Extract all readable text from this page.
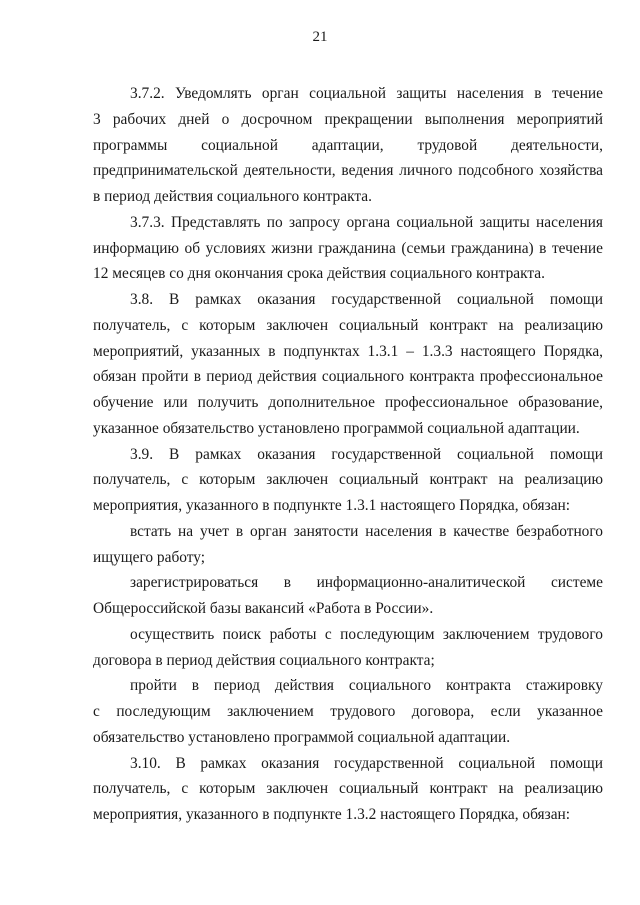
21
3.7.2. Уведомлять орган социальной защиты населения в течение
3 рабочих дней о досрочном прекращении выполнения мероприятий
программы социальной адаптации, трудовой деятельности,
предпринимательской деятельности, ведения личного подсобного хозяйства
в период действия социального контракта.
3.7.3. Представлять по запросу органа социальной защиты населения
информацию об условиях жизни гражданина (семьи гражданина) в течение
12 месяцев со дня окончания срока действия социального контракта.
3.8. В рамках оказания государственной социальной помощи
получатель, с которым заключен социальный контракт на реализацию
мероприятий, указанных в подпунктах 1.3.1 – 1.3.3 настоящего Порядка,
обязан пройти в период действия социального контракта профессиональное
обучение или получить дополнительное профессиональное образование,
указанное обязательство установлено программой социальной адаптации.
3.9. В рамках оказания государственной социальной помощи
получатель, с которым заключен социальный контракт на реализацию
мероприятия, указанного в подпункте 1.3.1 настоящего Порядка, обязан:
встать на учет в орган занятости населения в качестве безработного
ищущего работу;
зарегистрироваться в информационно-аналитической системе
Общероссийской базы вакансий «Работа в России».
осуществить поиск работы с последующим заключением трудового
договора в период действия социального контракта;
пройти в период действия социального контракта стажировку
с последующим заключением трудового договора, если указанное
обязательство установлено программой социальной адаптации.
3.10. В рамках оказания государственной социальной помощи
получатель, с которым заключен социальный контракт на реализацию
мероприятия, указанного в подпункте 1.3.2 настоящего Порядка, обязан:
